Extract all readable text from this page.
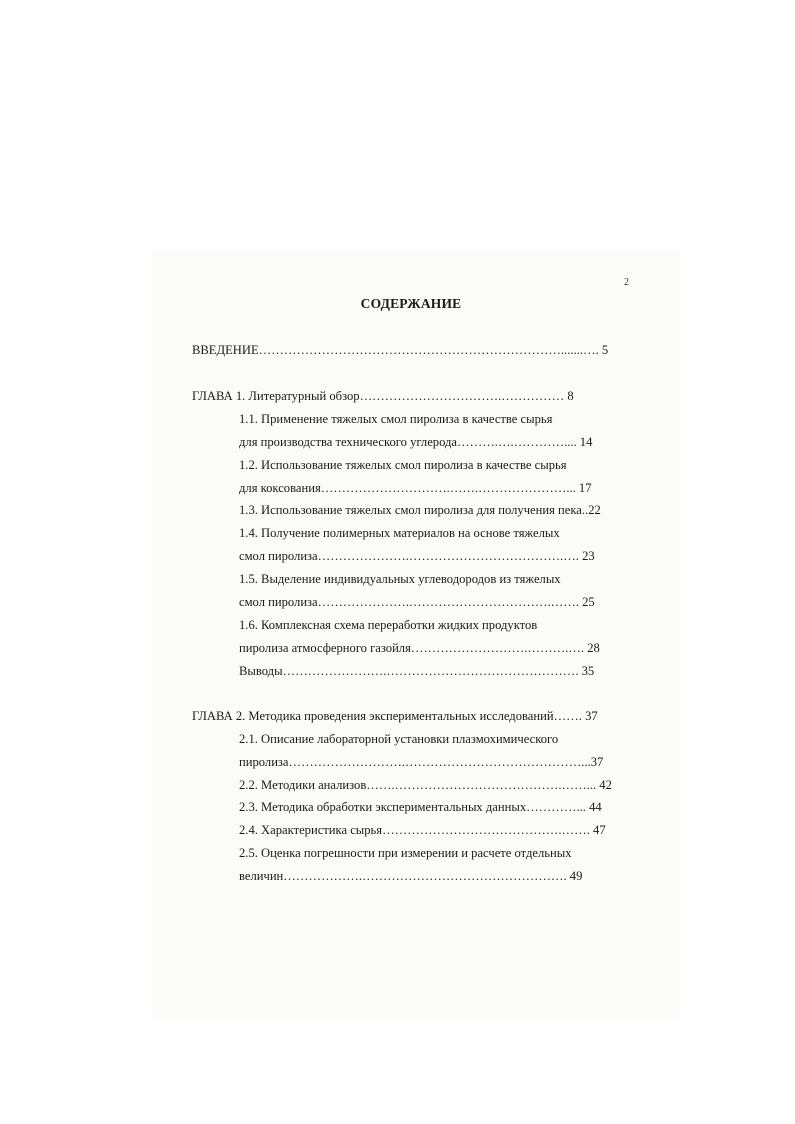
2
СОДЕРЖАНИЕ
ВВЕДЕНИЕ……………………………………………………………….......…. 5
ГЛАВА 1. Литературный обзор…………………………….…………… 8
1.1. Применение тяжелых смол пиролиза в качестве сырья
для производства технического углерода……….….………….... 14
1.2. Использование тяжелых смол пиролиза в качестве сырья
для коксования………………………….…….…………………... 17
1.3. Использование тяжелых смол пиролиза для получения пека..22
1.4. Получение полимерных материалов на основе тяжелых
смол пиролиза………………….……………………………….…. 23
1.5. Выделение индивидуальных углеводородов из тяжелых
смол пиролиза………………….…………………………….……. 25
1.6. Комплексная схема переработки жидких продуктов
пиролиза атмосферного газойля……………………….……….…. 28
Выводы…………………….………………………………………. 35
ГЛАВА 2. Методика проведения экспериментальных исследований……. 37
2.1. Описание лабораторной установки плазмохимического
пиролиза……………………….……………………………………...37
2.2. Методики анализов…….………………………………….……... 42
2.3. Методика обработки экспериментальных данных…………... 44
2.4. Характеристика сырья…………………………………….……. 47
2.5. Оценка погрешности при измерении и расчете отдельных
величин……………….…………………………………………. 49
